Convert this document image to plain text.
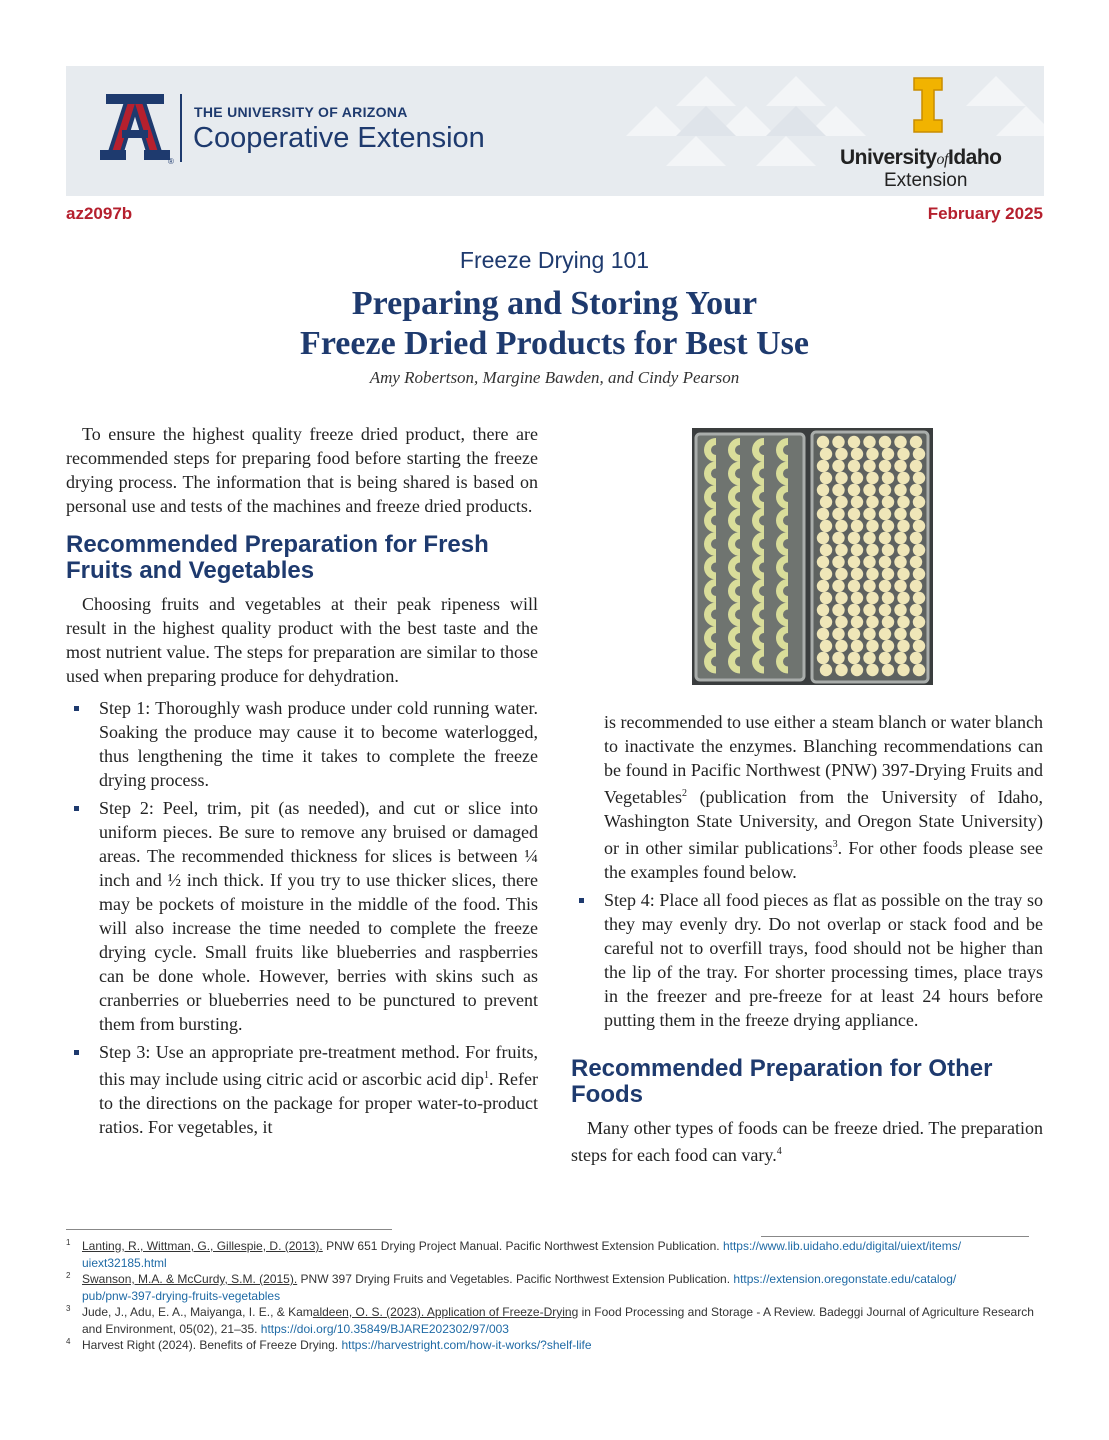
®
THE UNIVERSITY OF ARIZONA
Cooperative Extension
UniversityofIdaho
Extension
az2097b	February 2025
Freeze Drying 101
Preparing and Storing Your
Freeze Dried Products for Best Use
Amy Robertson, Margine Bawden, and Cindy Pearson

To ensure the highest quality freeze dried product, there are recommended steps for preparing food before starting the freeze drying process. The information that is being shared is based on personal use and tests of the machines and freeze dried products.

Recommended Preparation for Fresh Fruits and Vegetables

Choosing fruits and vegetables at their peak ripeness will result in the highest quality product with the best taste and the most nutrient value. The steps for preparation are similar to those used when preparing produce for dehydration.

Step 1: Thoroughly wash produce under cold running water. Soaking the produce may cause it to become waterlogged, thus lengthening the time it takes to complete the freeze drying process.
Step 2: Peel, trim, pit (as needed), and cut or slice into uniform pieces. Be sure to remove any bruised or damaged areas. The recommended thickness for slices is between ¼ inch and ½ inch thick. If you try to use thicker slices, there may be pockets of moisture in the middle of the food. This will also increase the time needed to complete the freeze drying cycle. Small fruits like blueberries and raspberries can be done whole. However, berries with skins such as cranberries or blueberries need to be punctured to prevent them from bursting.
Step 3: Use an appropriate pre-treatment method. For fruits, this may include using citric acid or ascorbic acid dip$^1$. Refer to the directions on the package for proper water-to-product ratios. For vegetables, it
is recommended to use either a steam blanch or water blanch to inactivate the enzymes. Blanching recommendations can be found in Pacific Northwest (PNW) 397-Drying Fruits and Vegetables$^2$ (publication from the University of Idaho, Washington State University, and Oregon State University) or in other similar publications$^3$. For other foods please see the examples found below.
Step 4: Place all food pieces as flat as possible on the tray so they may evenly dry. Do not overlap or stack food and be careful not to overfill trays, food should not be higher than the lip of the tray. For shorter processing times, place trays in the freezer and pre-freeze for at least 24 hours before putting them in the freeze drying appliance.
Recommended Preparation for Other Foods

Many other types of foods can be freeze dried. The preparation steps for each food can vary.$^4$

1 Lanting, R., Wittman, G., Gillespie, D. (2013). PNW 651 Drying Project Manual. Pacific Northwest Extension Publication. https://www.lib.uidaho.edu/digital/uiext/items/
uiext32185.html
2 Swanson, M.A. & McCurdy, S.M. (2015). PNW 397 Drying Fruits and Vegetables. Pacific Northwest Extension Publication. https://extension.oregonstate.edu/catalog/
pub/pnw-397-drying-fruits-vegetables
3 Jude, J., Adu, E. A., Maiyanga, I. E., & Kamaldeen, O. S. (2023). Application of Freeze-Drying in Food Processing and Storage - A Review. Badeggi Journal of Agriculture Research and Environment, 05(02), 21–35. https://doi.org/10.35849/BJARE202302/97/003
4 Harvest Right (2024). Benefits of Freeze Drying. https://harvestright.com/how-it-works/?shelf-life
